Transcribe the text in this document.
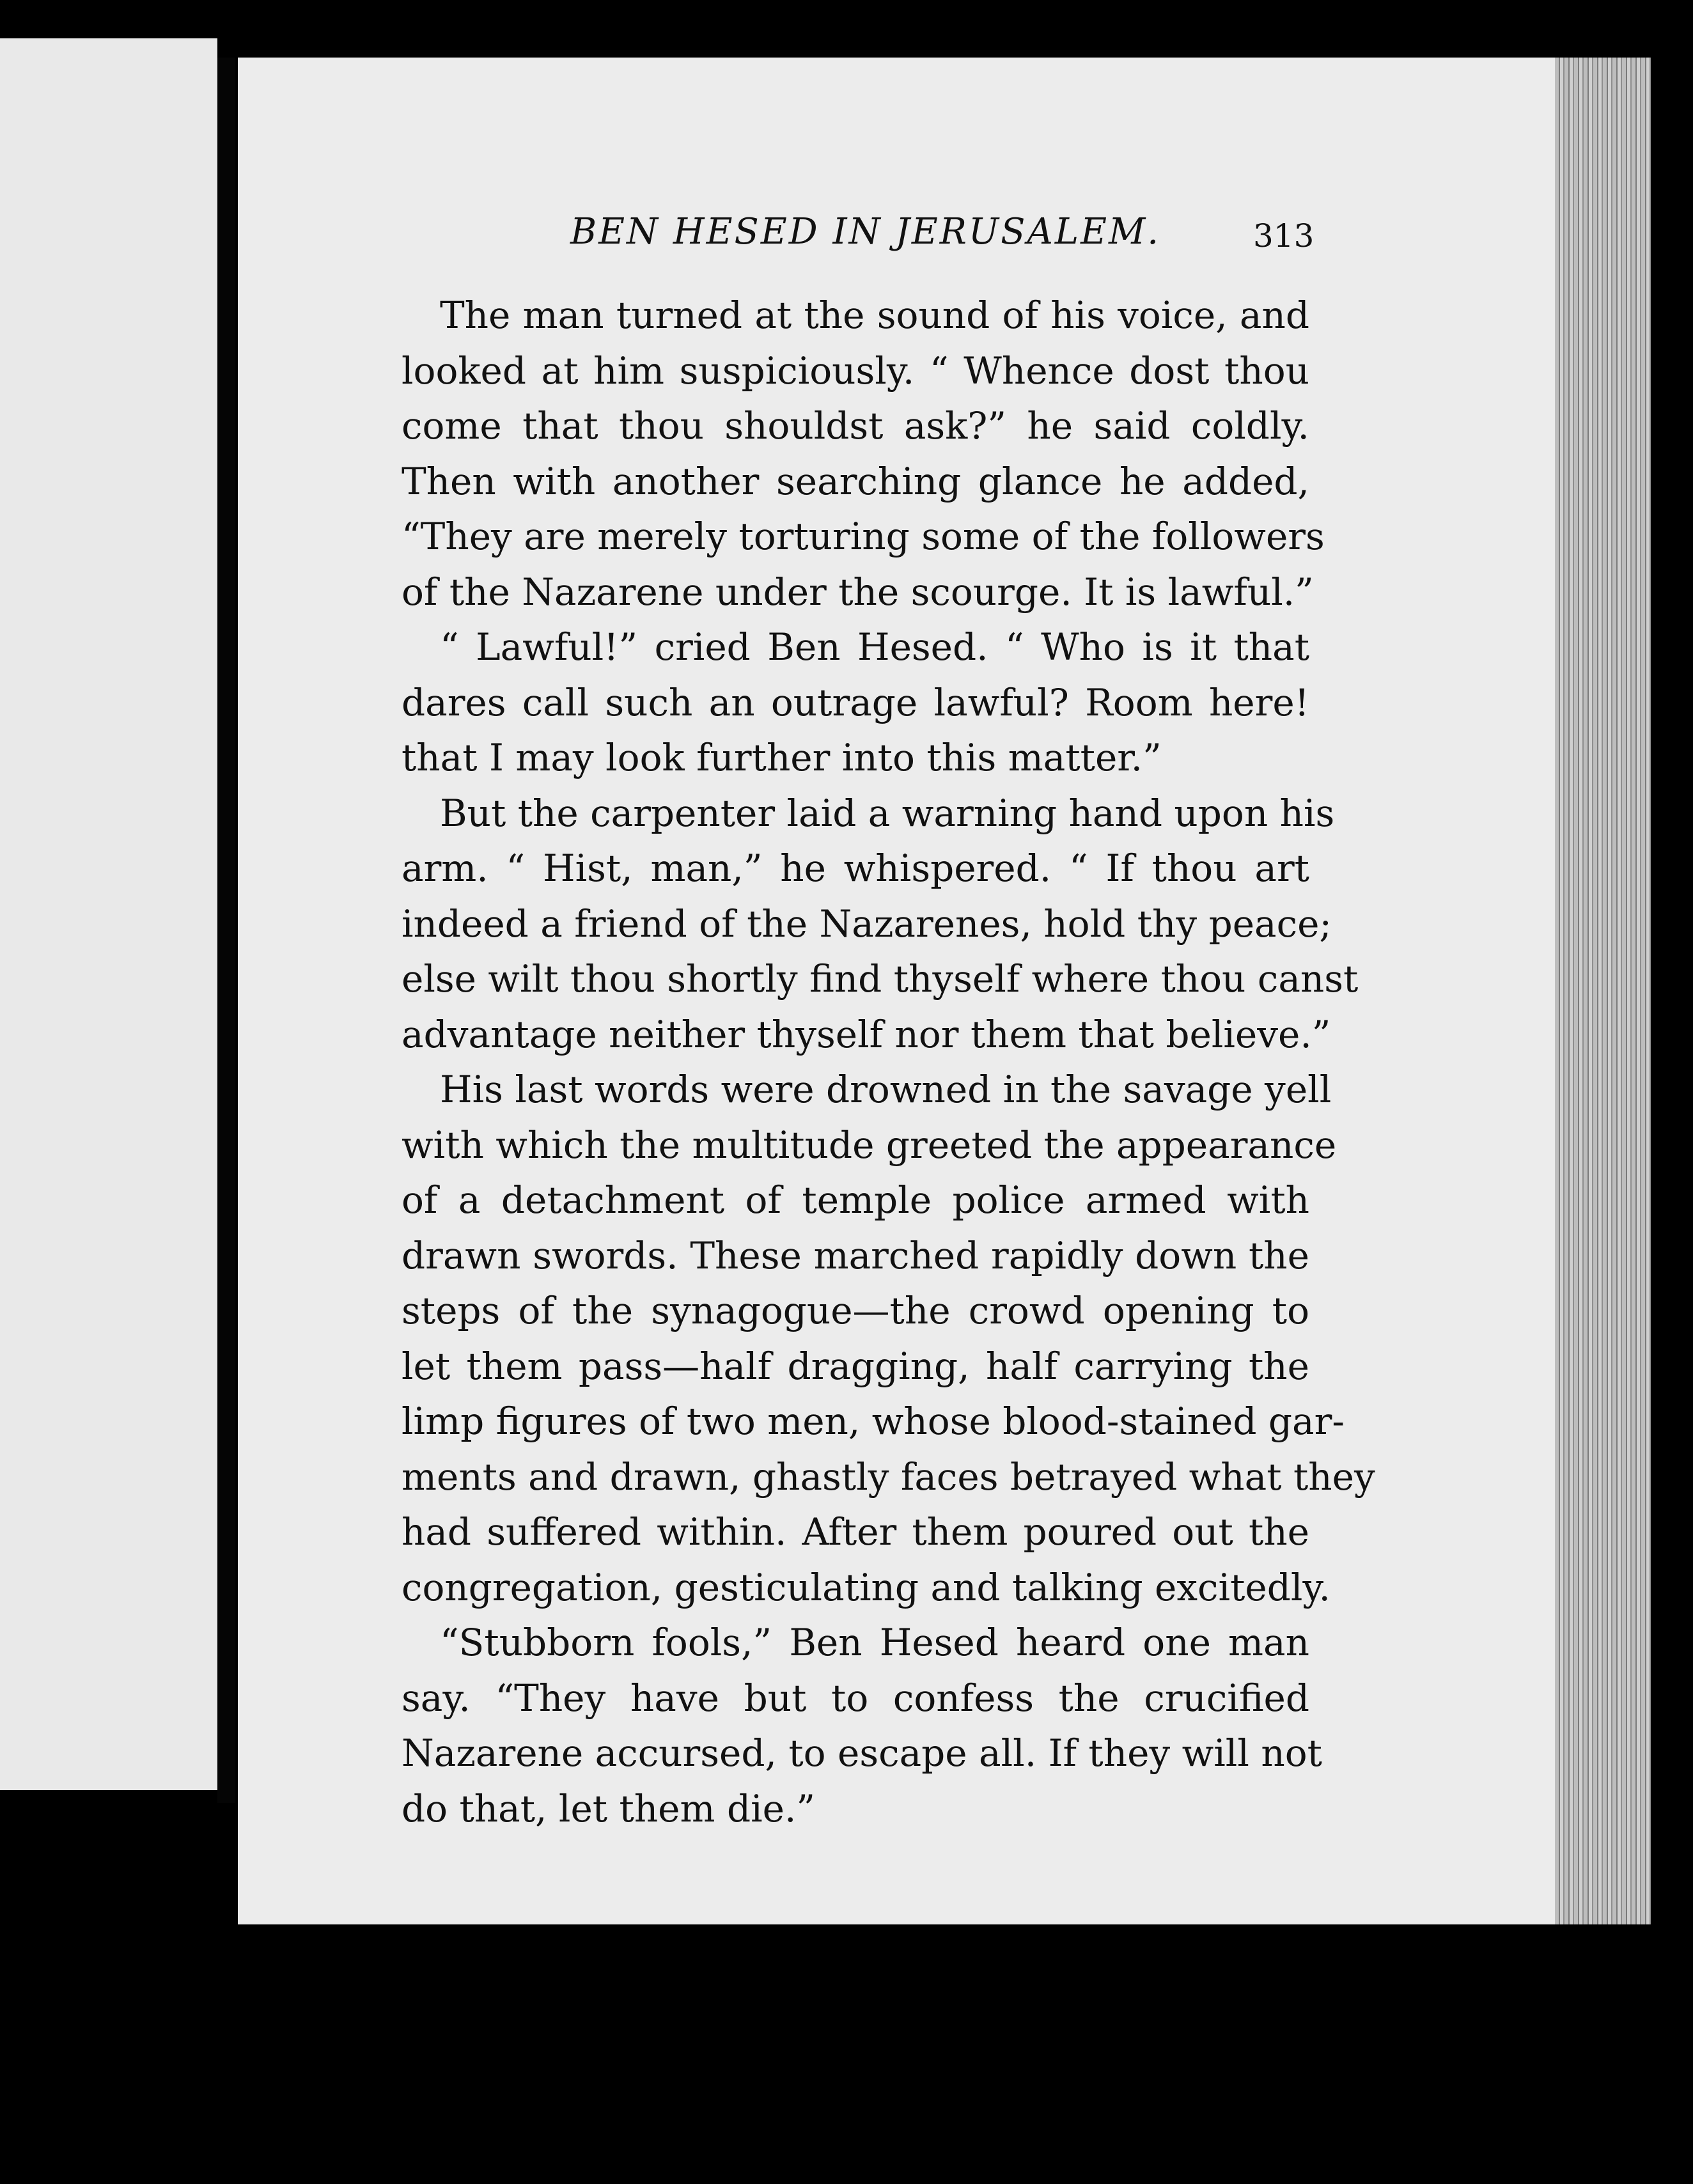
BEN HESED IN JERUSALEM.	313
The man turned at the sound of his voice, and
looked at him suspiciously. “ Whence dost thou
come that thou shouldst ask?” he said coldly.
Then with another searching glance he added,
“They are merely torturing some of the followers
of the Nazarene under the scourge. It is lawful.”
“ Lawful!” cried Ben Hesed. “ Who is it that
dares call such an outrage lawful? Room here!
that I may look further into this matter.”
But the carpenter laid a warning hand upon his
arm. “ Hist, man,” he whispered. “ If thou art
indeed a friend of the Nazarenes, hold thy peace;
else wilt thou shortly find thyself where thou canst
advantage neither thyself nor them that believe.”
His last words were drowned in the savage yell
with which the multitude greeted the appearance
of a detachment of temple police armed with
drawn swords. These marched rapidly down the
steps of the synagogue—the crowd opening to
let them pass—half dragging, half carrying the
limp figures of two men, whose blood-stained gar-
ments and drawn, ghastly faces betrayed what they
had suffered within. After them poured out the
congregation, gesticulating and talking excitedly.
“Stubborn fools,” Ben Hesed heard one man
say. “They have but to confess the crucified
Nazarene accursed, to escape all. If they will not
do that, let them die.”
